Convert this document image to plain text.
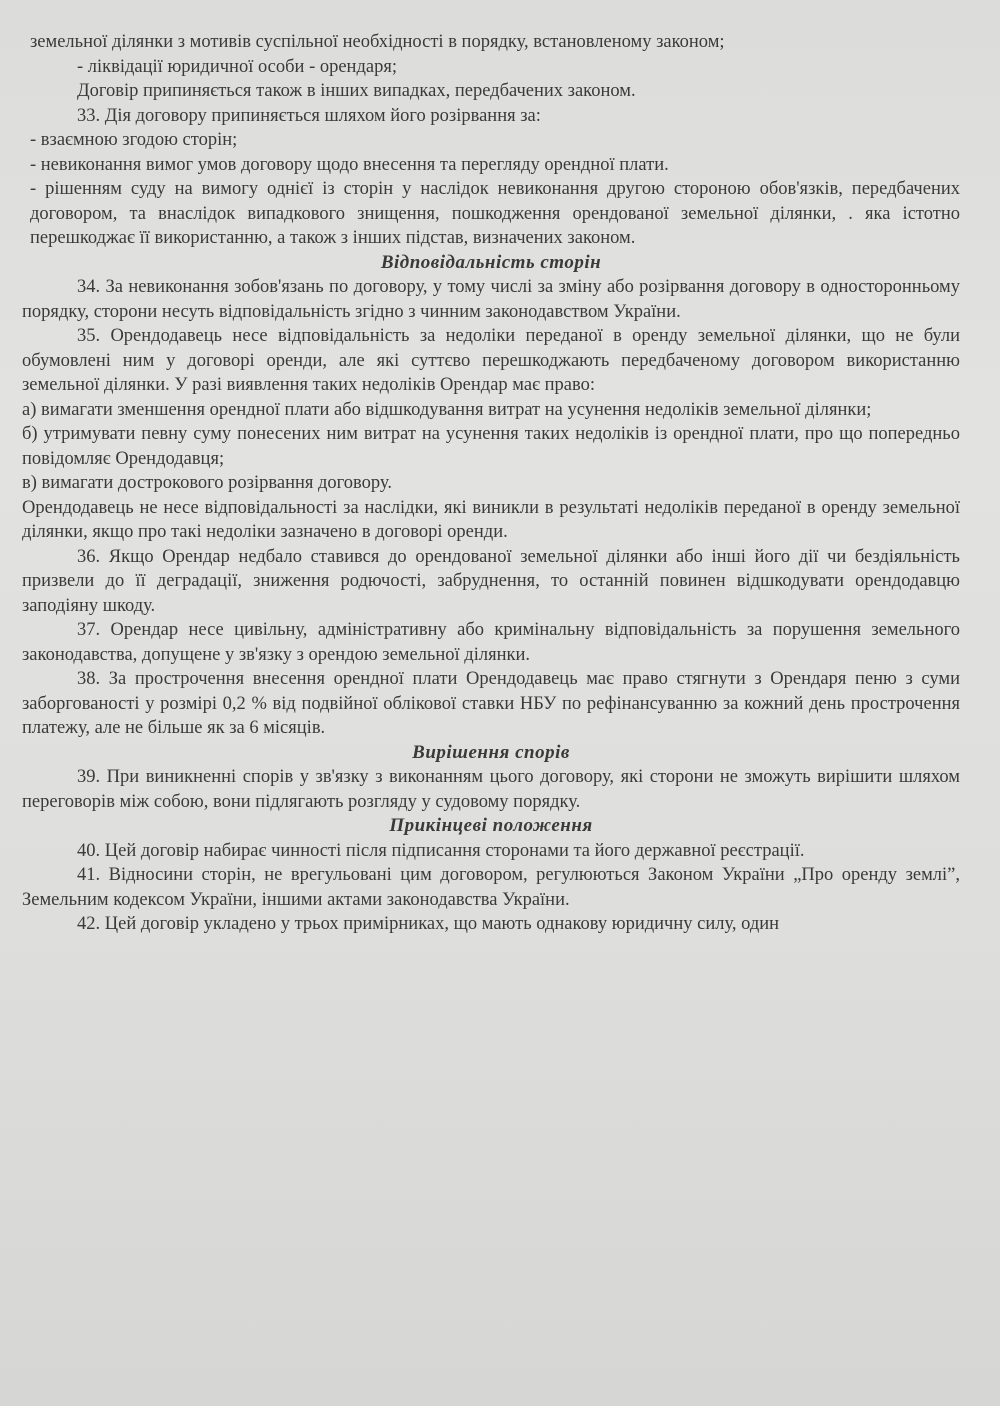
земельної ділянки з мотивів суспільної необхідності в порядку, встановленому законом;

- ліквідації юридичної особи - орендаря;

Договір припиняється також в інших випадках, передбачених законом.

33. Дія договору припиняється шляхом його розірвання за:

- взаємною згодою сторін;

- невиконання вимог умов договору щодо внесення та перегляду орендної плати.

- рішенням суду на вимогу однієї із сторін у наслідок невиконання другою стороною обов'язків, передбачених договором, та внаслідок випадкового знищення, пошкодження орендованої земельної ділянки, . яка істотно перешкоджає її використанню, а також з інших підстав, визначених законом.

Відповідальність сторін

34. За невиконання зобов'язань по договору, у тому числі за зміну або розірвання договору в односторонньому порядку, сторони несуть відповідальність згідно з чинним законодавством України.

35. Орендодавець несе відповідальність за недоліки переданої в оренду земельної ділянки, що не були обумовлені ним у договорі оренди, але які суттєво перешкоджають передбаченому договором використанню земельної ділянки. У разі виявлення таких недоліків Орендар має право:

а) вимагати зменшення орендної плати або відшкодування витрат на усунення недоліків земельної ділянки;

б) утримувати певну суму понесених ним витрат на усунення таких недоліків із орендної плати, про що попередньо повідомляє Орендодавця;

в) вимагати дострокового розірвання договору.

Орендодавець не несе відповідальності за наслідки, які виникли в результаті недоліків переданої в оренду земельної ділянки, якщо про такі недоліки зазначено в договорі оренди.

36. Якщо Орендар недбало ставився до орендованої земельної ділянки або інші його дії чи бездіяльність призвели до її деградації, зниження родючості, забруднення, то останній повинен відшкодувати орендодавцю заподіяну шкоду.

37. Орендар несе цивільну, адміністративну або кримінальну відповідальність за порушення земельного законодавства, допущене у зв'язку з орендою земельної ділянки.

38. За прострочення внесення орендної плати Орендодавець має право стягнути з Орендаря пеню з суми заборгованості у розмірі 0,2 % від подвійної облікової ставки НБУ по рефінансуванню за кожний день прострочення платежу, але не більше як за 6 місяців.

Вирішення спорів

39. При виникненні спорів у зв'язку з виконанням цього договору, які сторони не зможуть вирішити шляхом переговорів між собою, вони підлягають розгляду у судовому порядку.

Прикінцеві положення

40. Цей договір набирає чинності після підписання сторонами та його державної реєстрації.

41. Відносини сторін, не врегульовані цим договором, регулюються Законом України „Про оренду землі”, Земельним кодексом України, іншими актами законодавства України.

42. Цей договір укладено у трьох примірниках, що мають однакову юридичну силу, один
